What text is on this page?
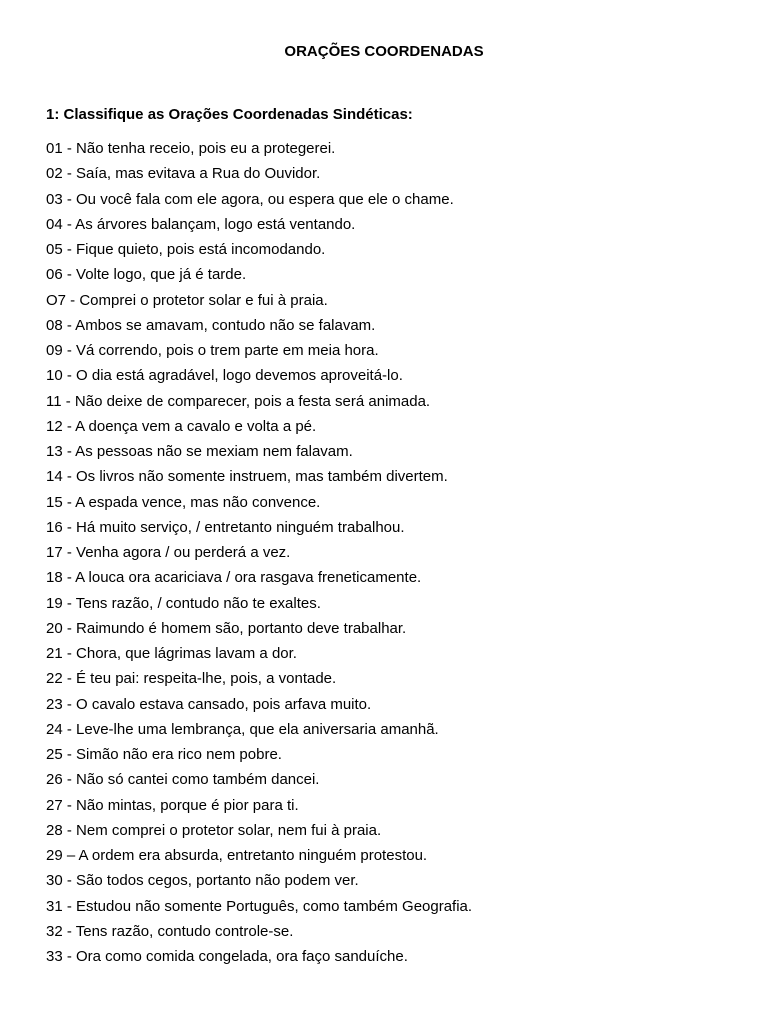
ORAÇÕES COORDENADAS
1: Classifique as Orações Coordenadas Sindéticas:
01 - Não tenha receio, pois eu a protegerei.
02 - Saía, mas evitava a Rua do Ouvidor.
03 - Ou você fala com ele agora, ou espera que ele o chame.
04 - As árvores balançam, logo está ventando.
05 - Fique quieto, pois está incomodando.
06 - Volte logo, que já é tarde.
O7 - Comprei o protetor solar e fui à praia.
08 - Ambos se amavam, contudo não se falavam.
09 - Vá correndo, pois o trem parte em meia hora.
10 - O dia está agradável, logo devemos aproveitá-lo.
11 - Não deixe de comparecer, pois a festa será animada.
12 - A doença vem a cavalo e volta a pé.
13 - As pessoas não se mexiam nem falavam.
14 - Os livros não somente instruem, mas também divertem.
15 - A espada vence, mas não convence.
16 - Há muito serviço, / entretanto ninguém trabalhou.
17 - Venha agora / ou perderá a vez.
18 - A louca ora acariciava / ora rasgava freneticamente.
19 - Tens razão, / contudo não te exaltes.
20 - Raimundo é homem são, portanto deve trabalhar.
21 - Chora, que lágrimas lavam a dor.
22 - É teu pai: respeita-lhe, pois, a vontade.
23 - O cavalo estava cansado, pois arfava muito.
24 - Leve-lhe uma lembrança, que ela aniversaria amanhã.
25 - Simão não era rico nem pobre.
26 - Não só cantei como também dancei.
27 - Não mintas, porque é pior para ti.
28 - Nem comprei o protetor solar, nem fui à praia.
29 – A ordem era absurda, entretanto ninguém protestou.
30 - São todos cegos, portanto não podem ver.
31 - Estudou não somente Português, como também Geografia.
32 - Tens razão, contudo controle-se.
33 - Ora como comida congelada, ora faço sanduíche.
